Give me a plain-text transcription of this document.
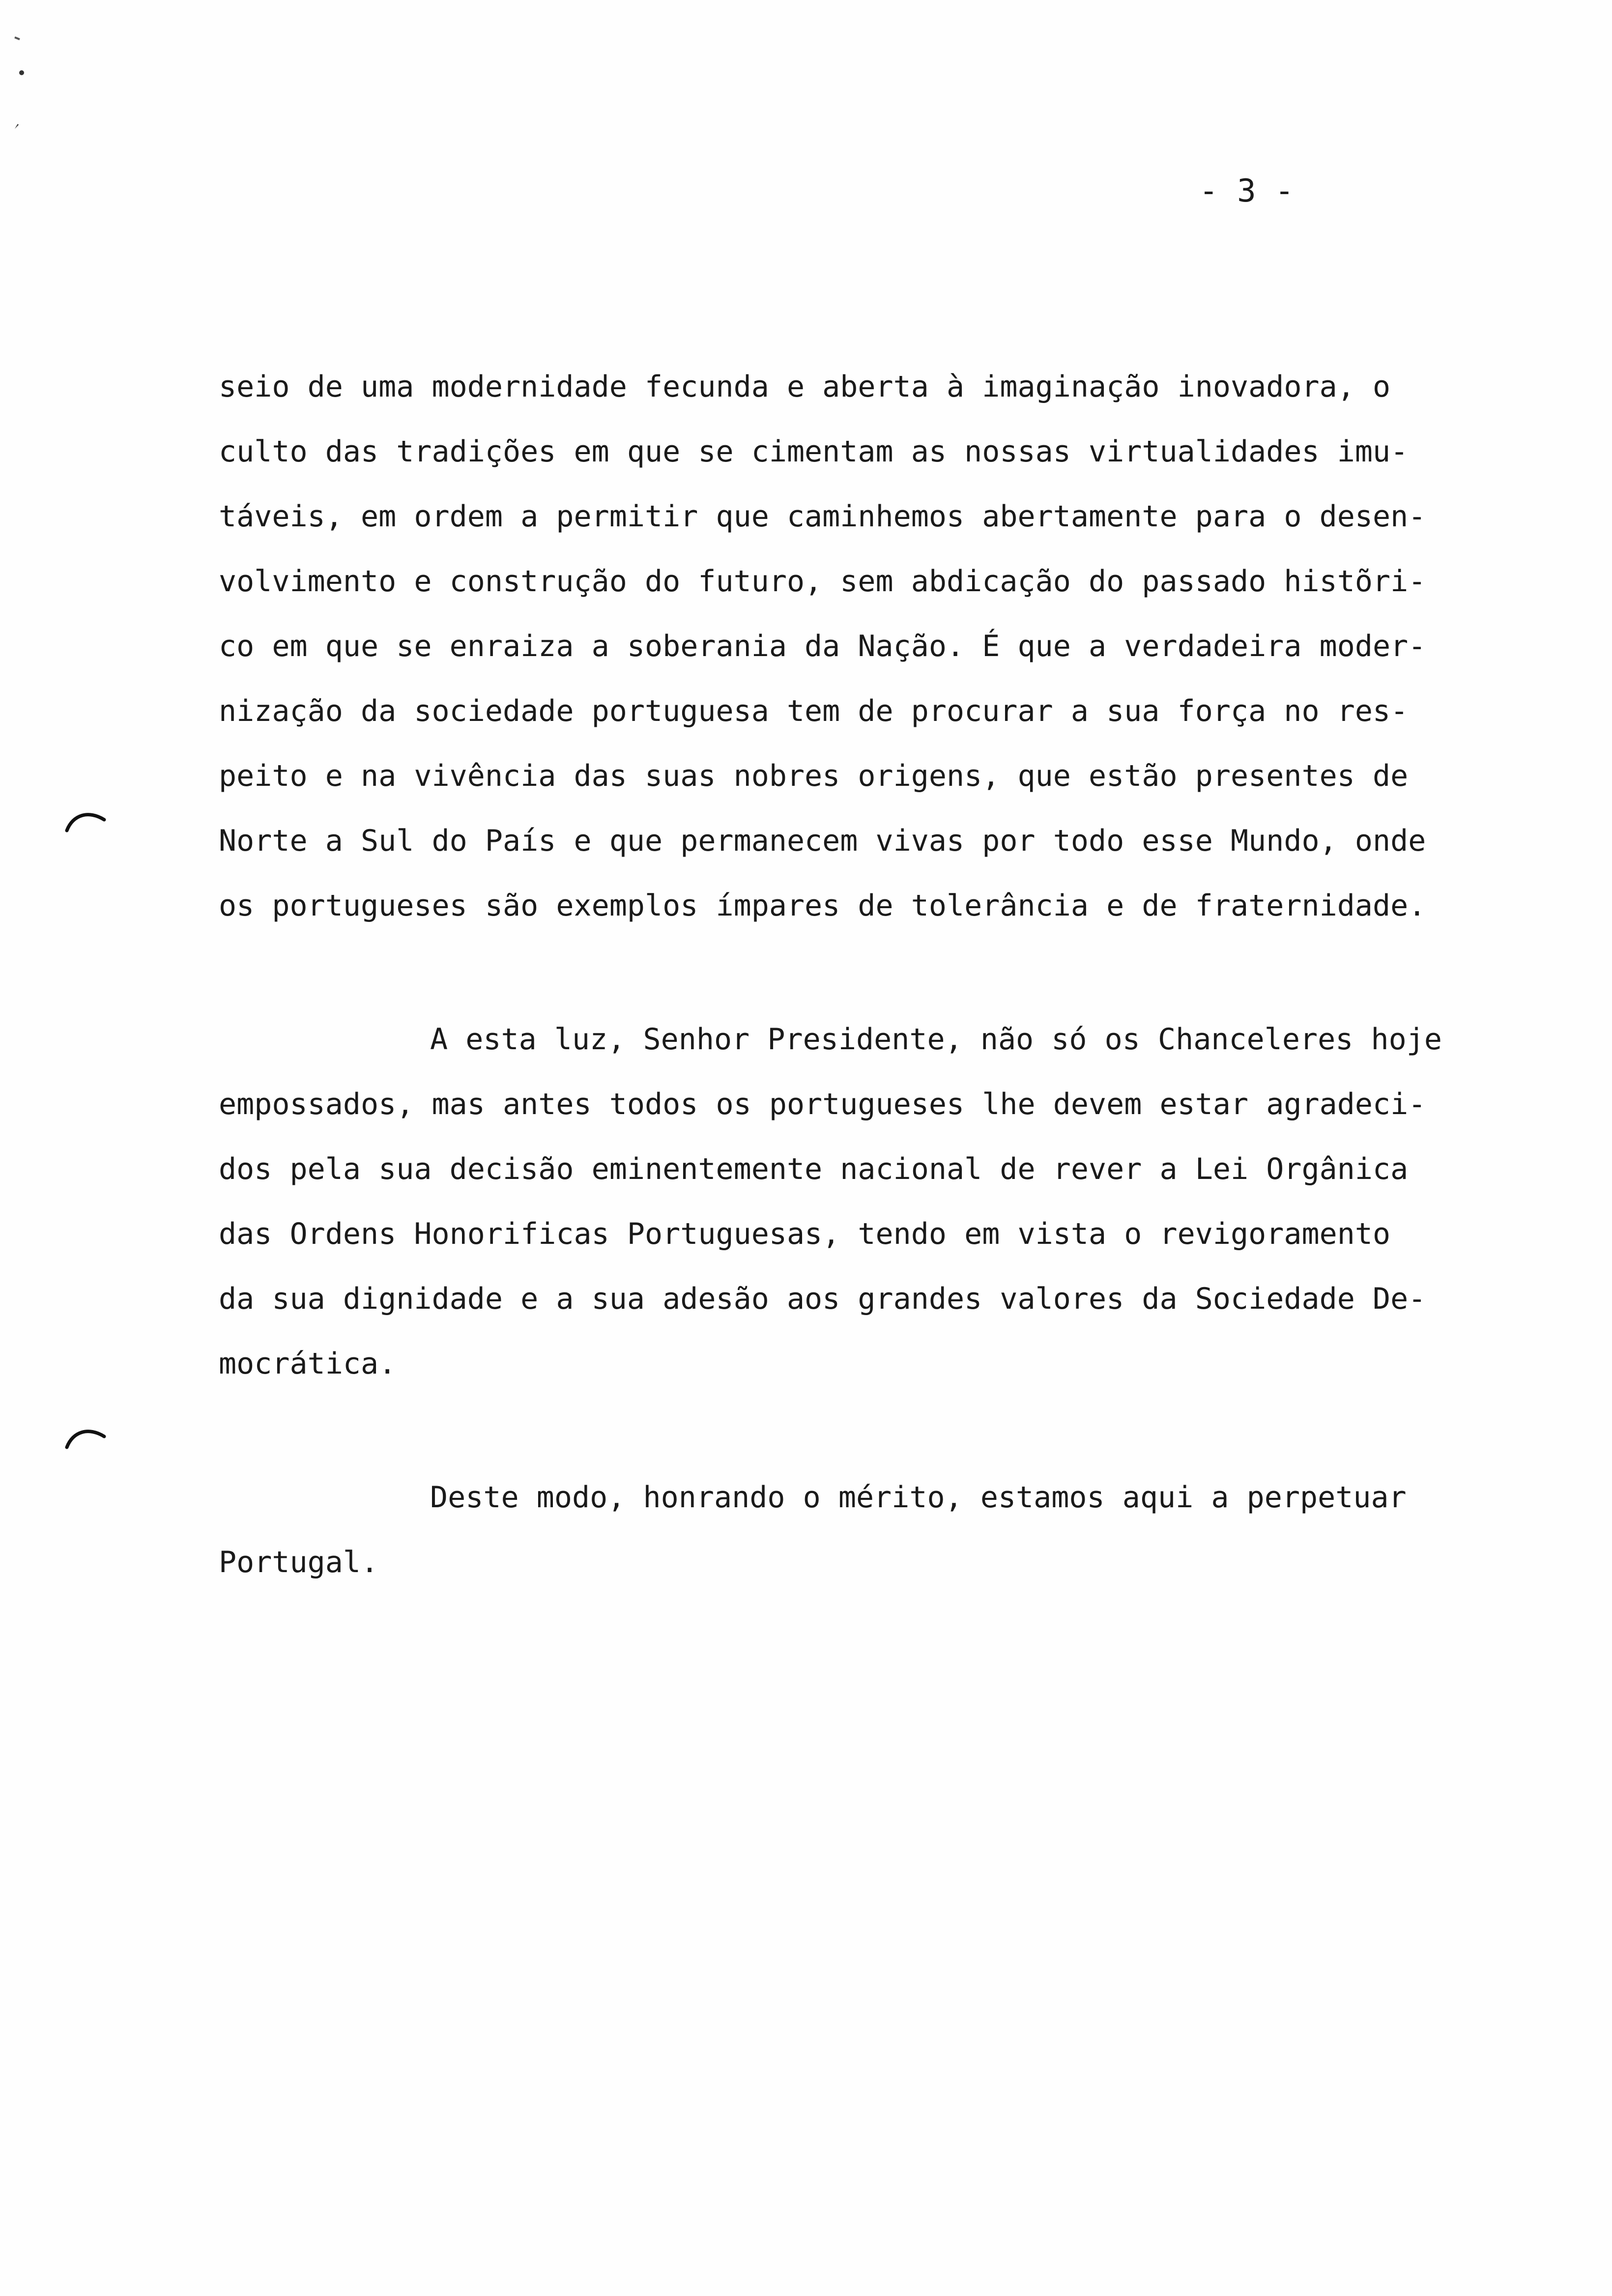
- 3 -
seio de uma modernidade fecunda e aberta à imaginação inovadora, o
culto das tradições em que se cimentam as nossas virtualidades imu-
táveis, em ordem a permitir que caminhemos abertamente para o desen-
volvimento e construção do futuro, sem abdicação do passado histõri-
co em que se enraiza a soberania da Nação. É que a verdadeira moder-
nização da sociedade portuguesa tem de procurar a sua força no res-
peito e na vivência das suas nobres origens, que estão presentes de
Norte a Sul do País e que permanecem vivas por todo esse Mundo, onde
os portugueses são exemplos ímpares de tolerância e de fraternidade.
A esta luz, Senhor Presidente, não só os Chanceleres hoje
empossados, mas antes todos os portugueses lhe devem estar agradeci-
dos pela sua decisão eminentemente nacional de rever a Lei Orgânica
das Ordens Honorificas Portuguesas, tendo em vista o revigoramento
da sua dignidade e a sua adesão aos grandes valores da Sociedade De-
mocrática.
Deste modo, honrando o mérito, estamos aqui a perpetuar
Portugal.
